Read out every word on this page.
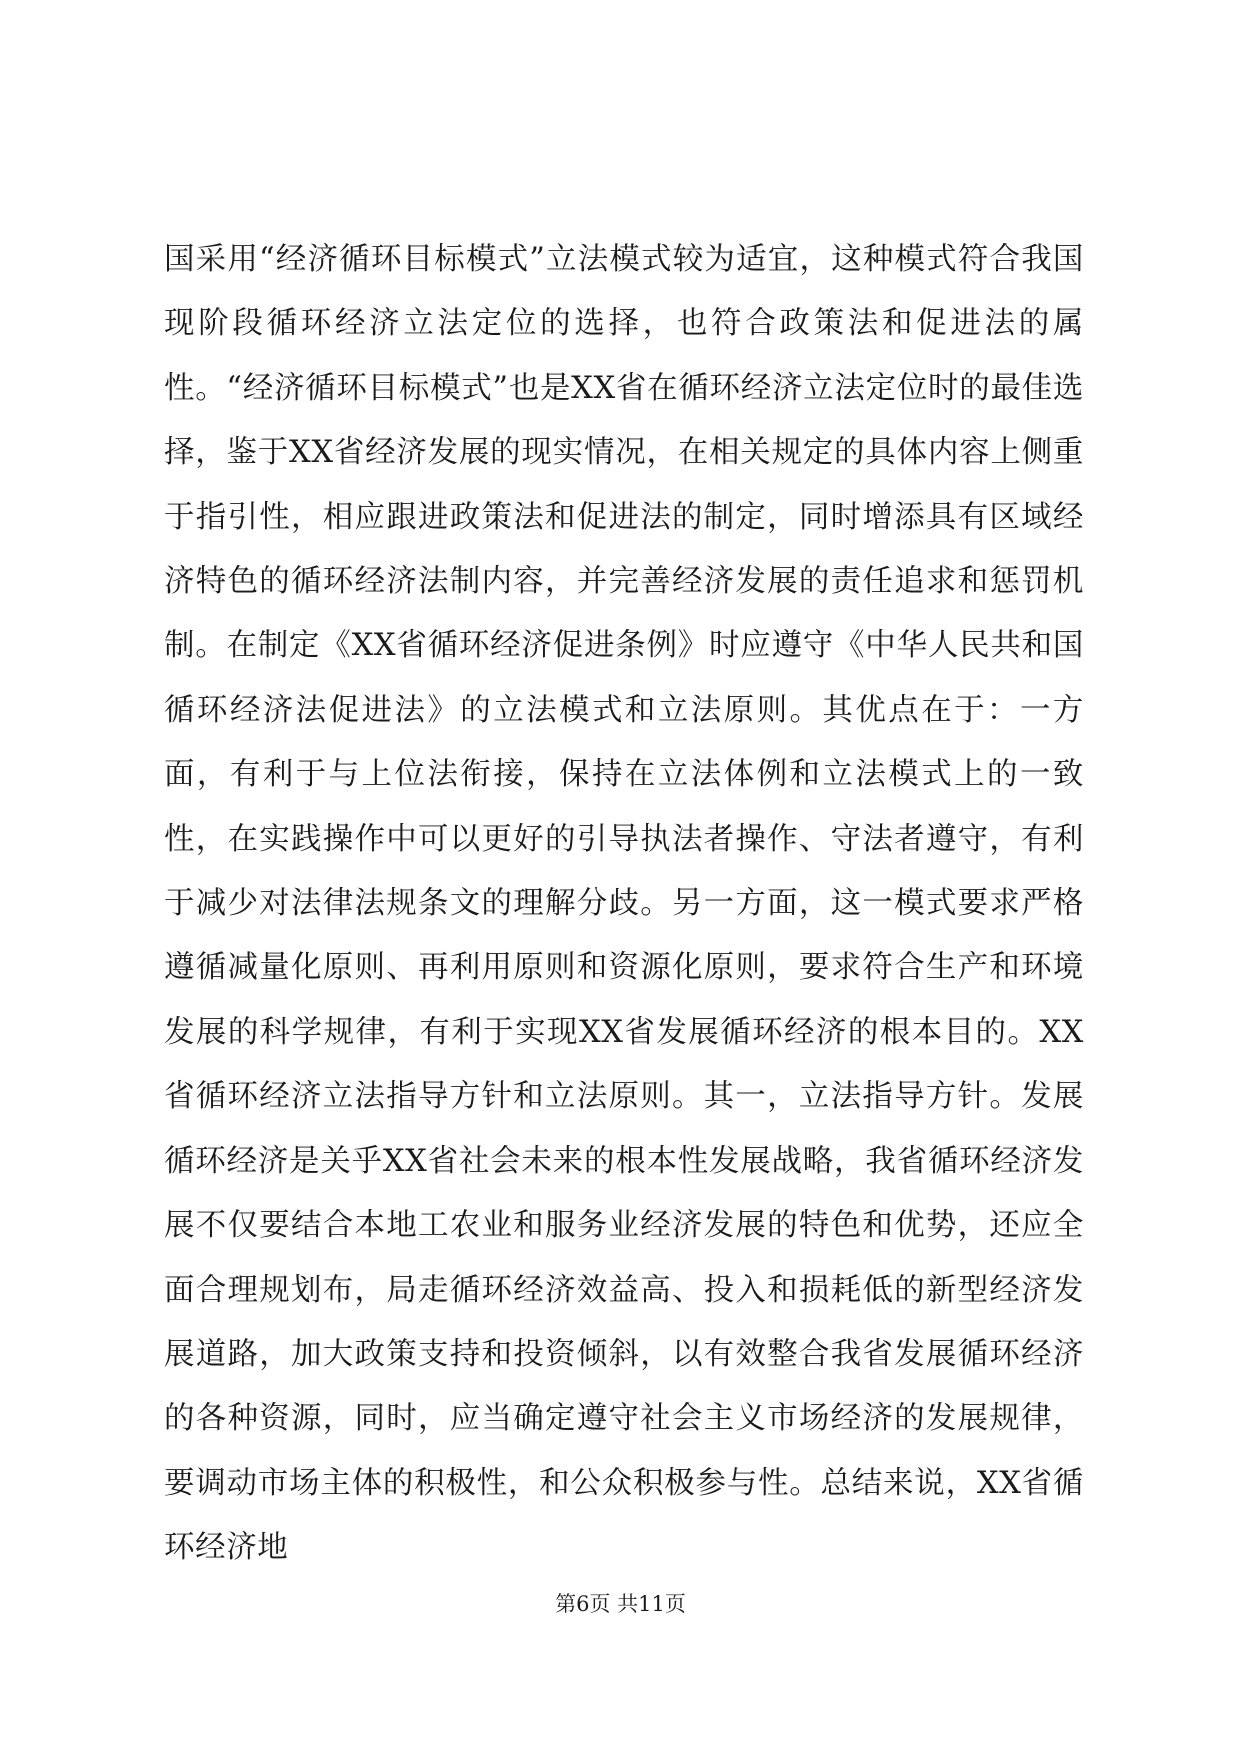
国采用“经济循环目标模式”立法模式较为适宜，这种模式符合我国现阶段循环经济立法定位的选择，也符合政策法和促进法的属性。“经济循环目标模式”也是XX省在循环经济立法定位时的最佳选择，鉴于XX省经济发展的现实情况，在相关规定的具体内容上侧重于指引性，相应跟进政策法和促进法的制定，同时增添具有区域经济特色的循环经济法制内容，并完善经济发展的责任追求和惩罚机制。在制定《XX省循环经济促进条例》时应遵守《中华人民共和国循环经济法促进法》的立法模式和立法原则。其优点在于：一方面，有利于与上位法衔接，保持在立法体例和立法模式上的一致性，在实践操作中可以更好的引导执法者操作、守法者遵守，有利于减少对法律法规条文的理解分歧。另一方面，这一模式要求严格遵循减量化原则、再利用原则和资源化原则，要求符合生产和环境发展的科学规律，有利于实现XX省发展循环经济的根本目的。XX省循环经济立法指导方针和立法原则。其一，立法指导方针。发展循环经济是关乎XX省社会未来的根本性发展战略，我省循环经济发展不仅要结合本地工农业和服务业经济发展的特色和优势，还应全面合理规划布，局走循环经济效益高、投入和损耗低的新型经济发展道路，加大政策支持和投资倾斜，以有效整合我省发展循环经济的各种资源，同时，应当确定遵守社会主义市场经济的发展规律，要调动市场主体的积极性，和公众积极参与性。总结来说，XX省循环经济地

第6页 共11页
